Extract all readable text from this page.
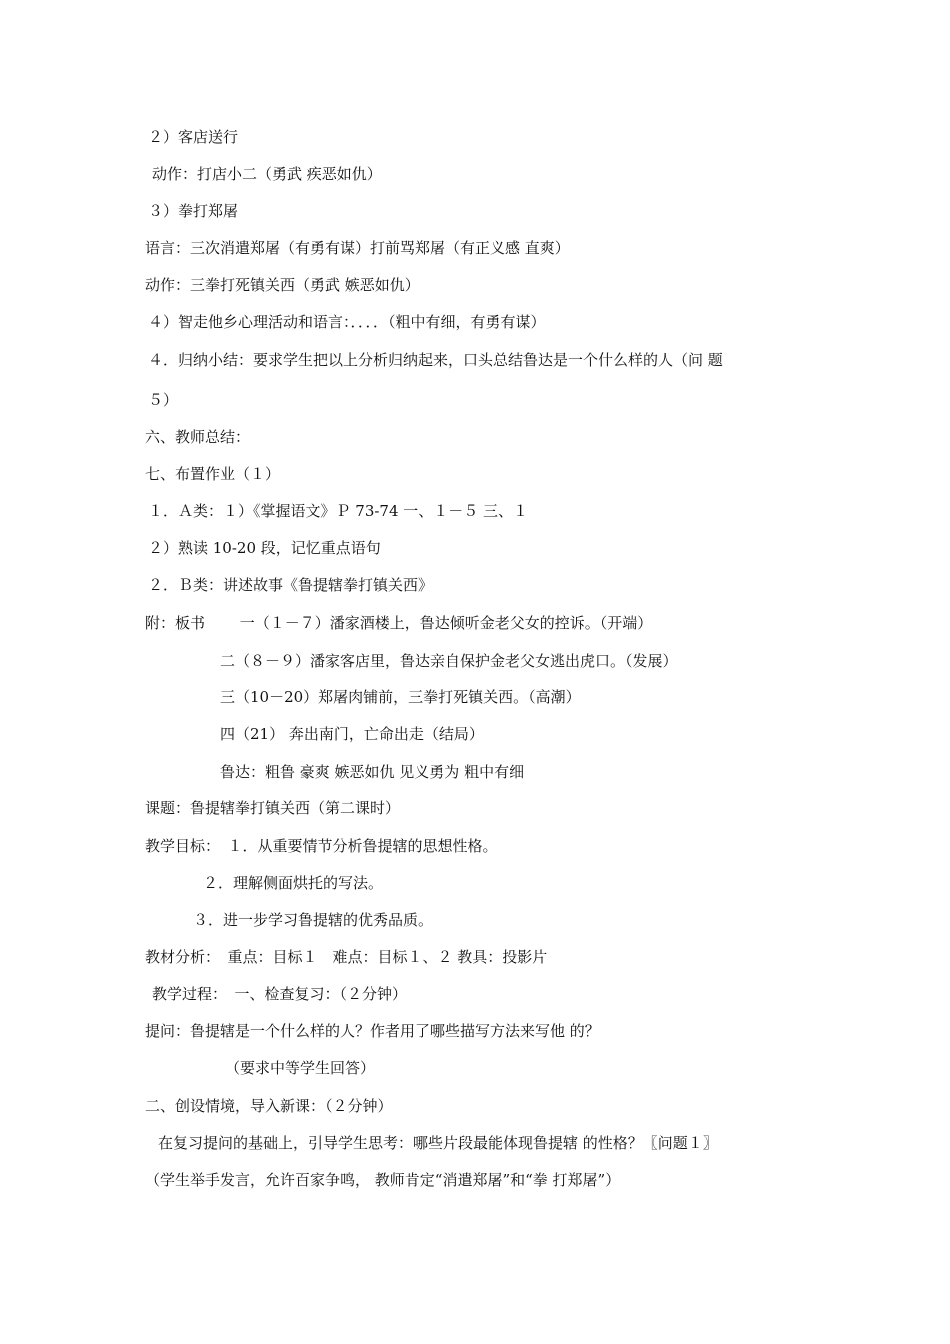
２）客店送行
动作：打店小二（勇武 疾恶如仇）
３）拳打郑屠
语言：三次消遣郑屠（有勇有谋）打前骂郑屠（有正义感 直爽）
动作：三拳打死镇关西（勇武 嫉恶如仇）
４）智走他乡心理活动和语言：．．．．（粗中有细，有勇有谋）
４．归纳小结：要求学生把以上分析归纳起来，口头总结鲁达是一个什么样的人（问 题
５）
六、教师总结：
七、布置作业（１）
１．Ａ类：１）《掌握语文》Ｐ 73-74 一、１－５ 三、１
２）熟读 10-20 段，记忆重点语句
２．Ｂ类：讲述故事《鲁提辖拳打镇关西》
附：板书　　 一（１－７）潘家酒楼上，鲁达倾听金老父女的控诉。（开端）
二（８－９）潘家客店里，鲁达亲自保护金老父女逃出虎口。（发展）
三（10－20）郑屠肉铺前，三拳打死镇关西。（高潮）
四（21） 奔出南门，亡命出走（结局）
鲁达：粗鲁 豪爽 嫉恶如仇 见义勇为 粗中有细
课题：鲁提辖拳打镇关西（第二课时）
教学目标：　１．从重要情节分析鲁提辖的思想性格。
２．理解侧面烘托的写法。
３．进一步学习鲁提辖的优秀品质。
教材分析：　重点：目标１　难点：目标１、２ 教具：投影片
教学过程：　一、检查复习：（２分钟）
提问：鲁提辖是一个什么样的人？作者用了哪些描写方法来写他 的？
（要求中等学生回答）
二、创设情境，导入新课：（２分钟）
在复习提问的基础上，引导学生思考：哪些片段最能体现鲁提辖 的性格？〖问题１〗
（学生举手发言，允许百家争鸣， 教师肯定“消遣郑屠”和“拳 打郑屠”）
